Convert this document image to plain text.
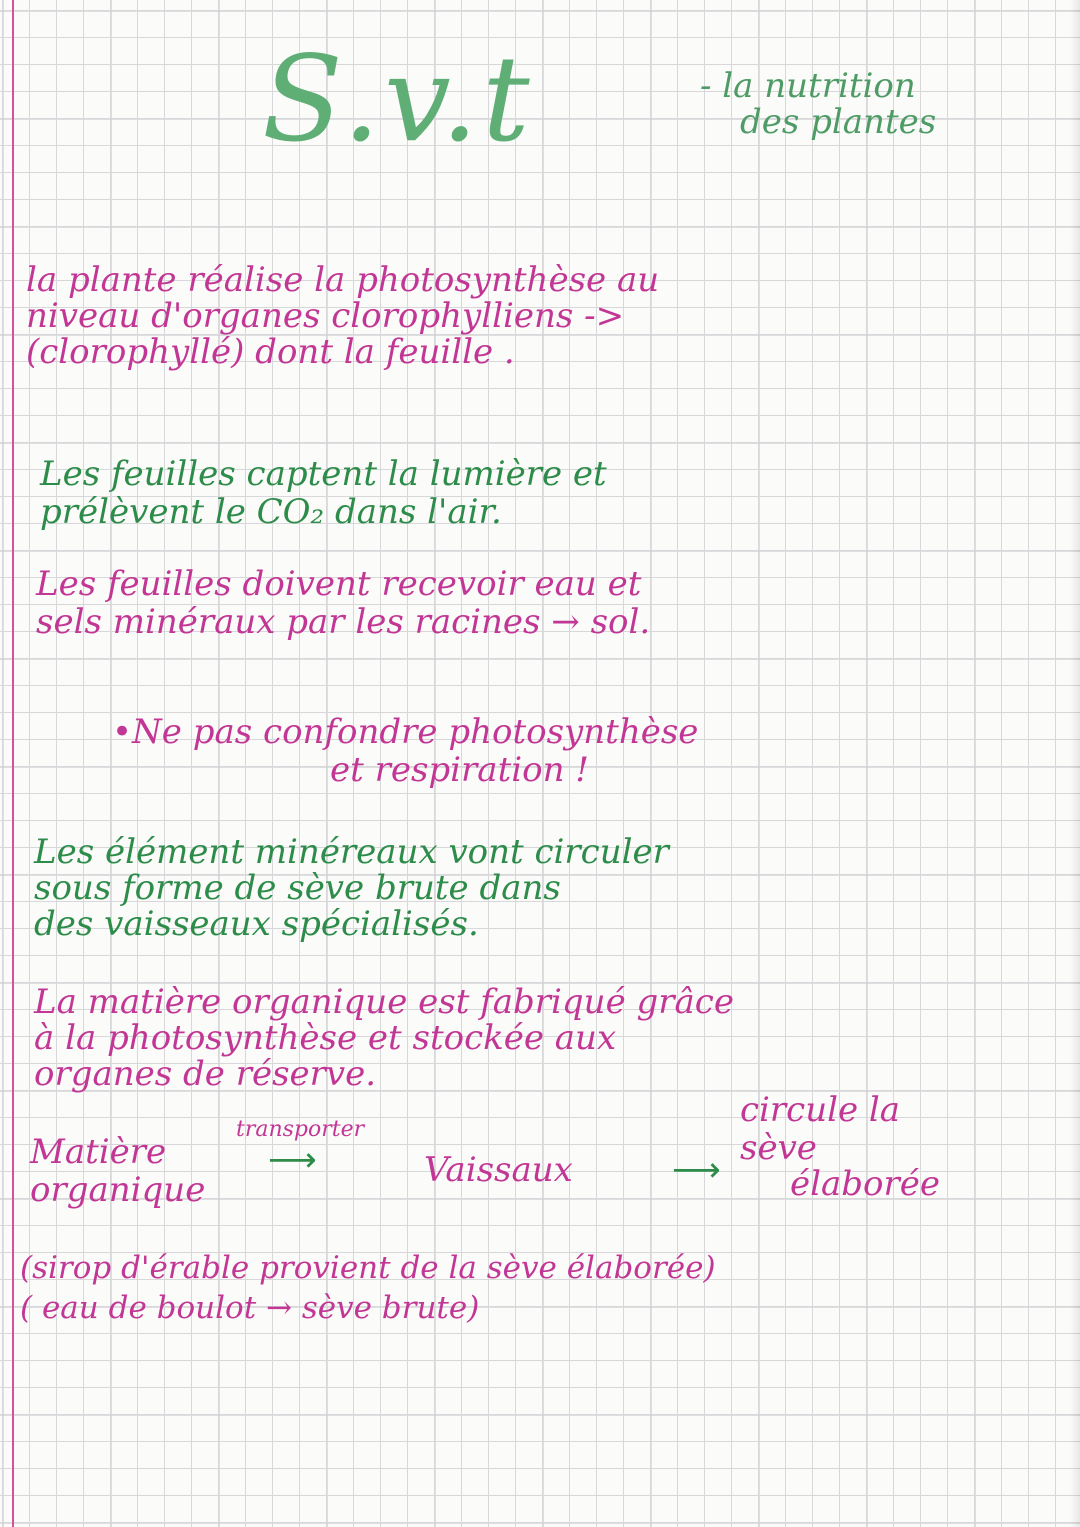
S.v.t	- la nutrition
des plantes
la plante réalise la photosynthèse au
niveau d'organes clorophylliens ->
(clorophyllé) dont la feuille .
Les feuilles captent la lumière et
prélèvent le CO₂ dans l'air.
Les feuilles doivent recevoir eau et
sels minéraux par les racines → sol.
•Ne pas confondre photosynthèse
et respiration !
Les élément minéreaux vont circuler
sous forme de sève brute dans
des vaisseaux spécialisés.
La matière organique est fabriqué grâce
à la photosynthèse et stockée aux
organes de réserve.
Matière
organique
transporter
⟶	Vaissaux	⟶
circule la
sève
élaborée
(sirop d'érable provient de la sève élaborée)
( eau de boulot → sève brute)
